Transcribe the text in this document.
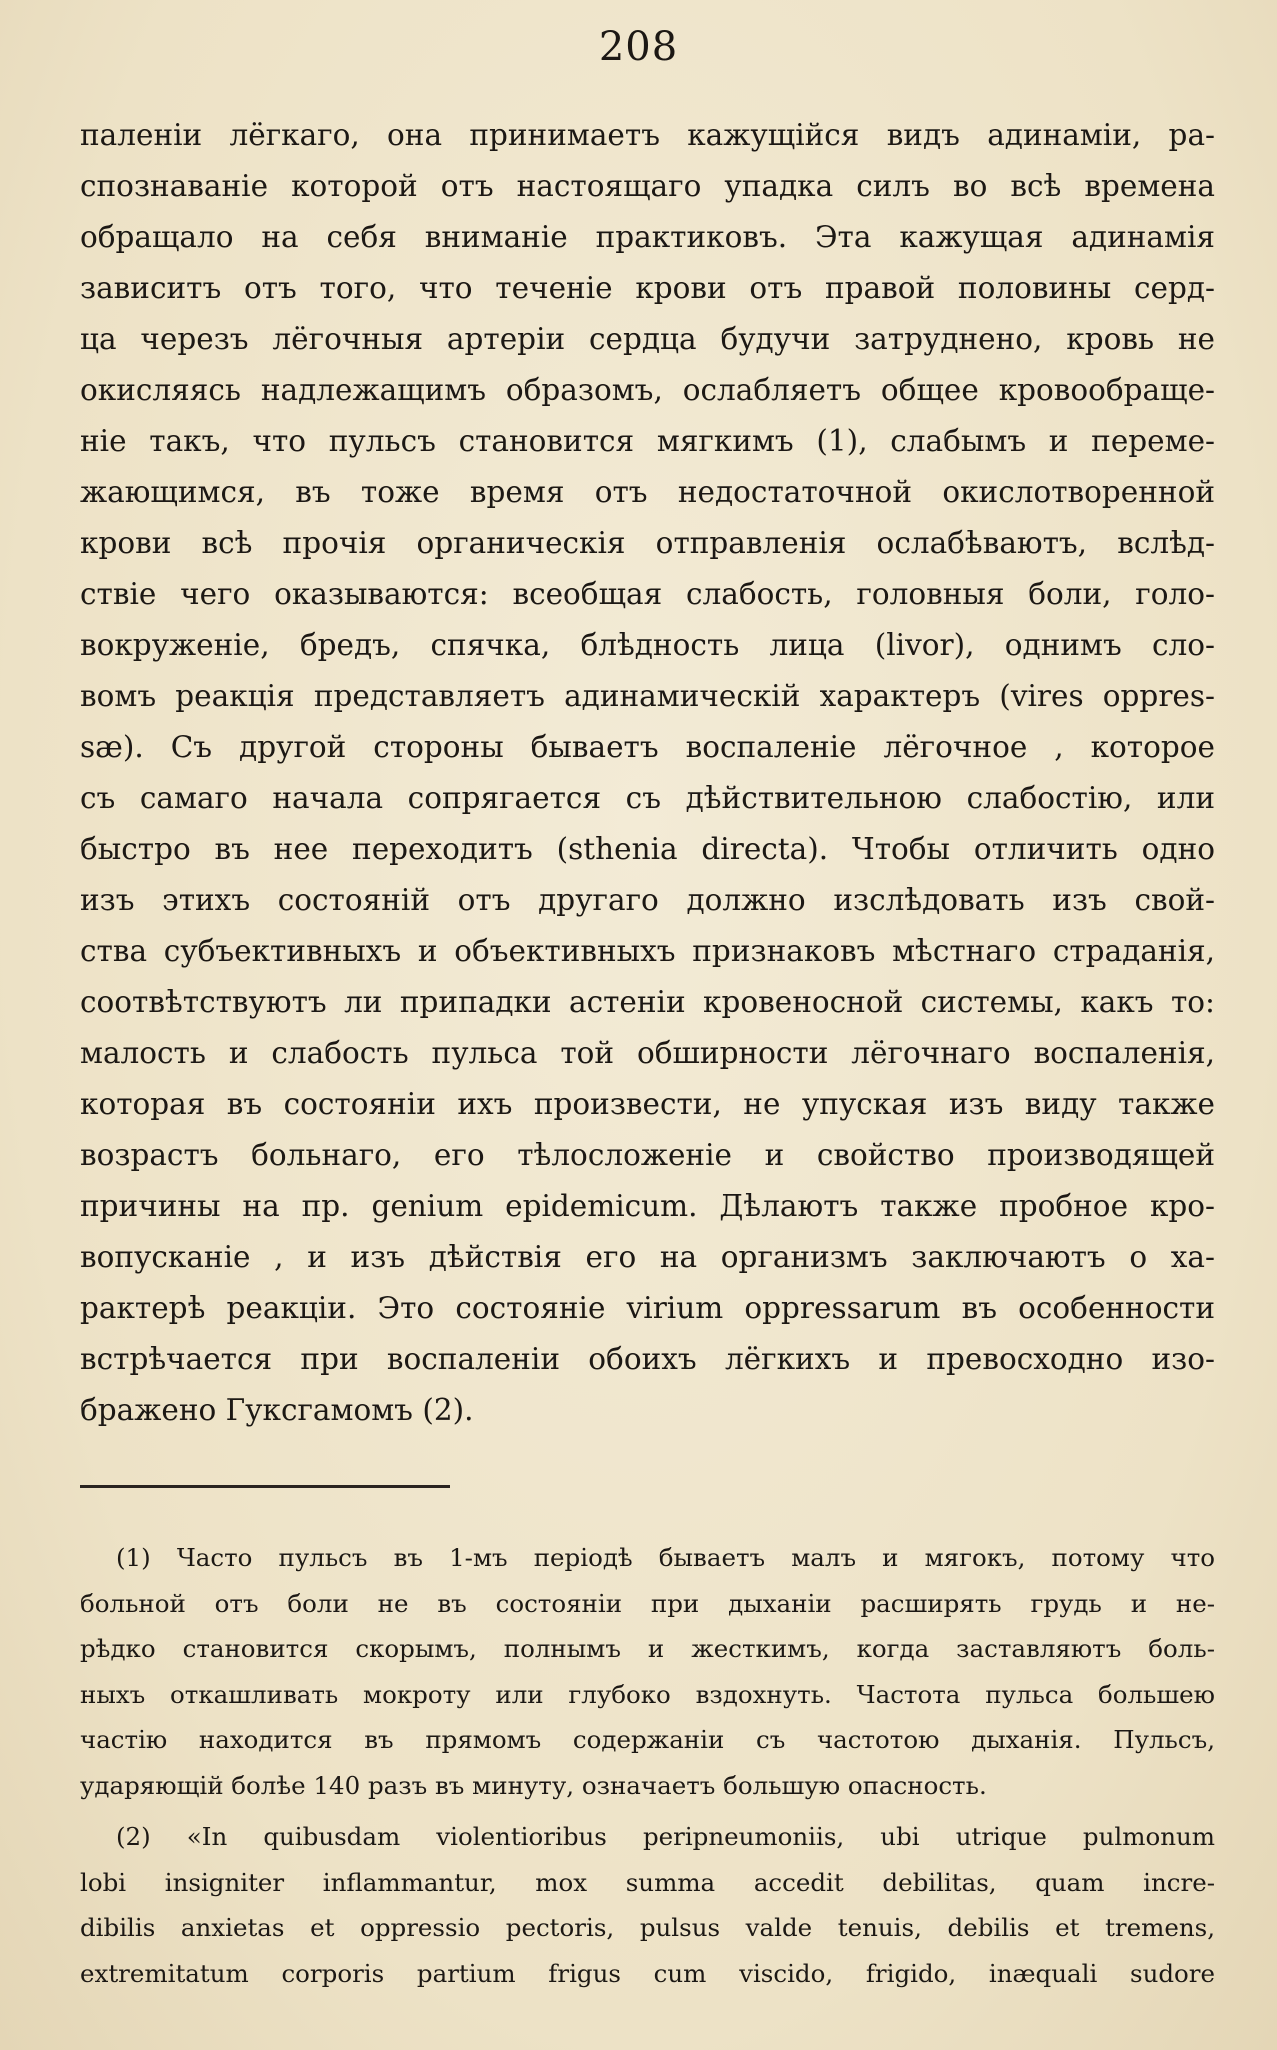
208
паленіи лёгкаго, она принимаетъ кажущійся видъ адинаміи, ра-
спознаваніе которой отъ настоящаго упадка силъ во всѣ времена
обращало на себя вниманіе практиковъ. Эта кажущая адинамія
зависитъ отъ того, что теченіе крови отъ правой половины серд-
ца черезъ лёгочныя артеріи сердца будучи затруднено, кровь не
окисляясь надлежащимъ образомъ, ослабляетъ общее кровообраще-
ніе такъ, что пульсъ становится мягкимъ (1), слабымъ и переме-
жающимся, въ тоже время отъ недостаточной окислотворенной
крови всѣ прочія органическія отправленія ослабѣваютъ, вслѣд-
ствіе чего оказываются: всеобщая слабость, головныя боли, голо-
вокруженіе, бредъ, спячка, блѣдность лица (livor), однимъ сло-
вомъ реакція представляетъ адинамическій характеръ (vires oppres-
sæ). Съ другой стороны бываетъ воспаленіе лёгочное , которое
съ самаго начала сопрягается съ дѣйствительною слабостію, или
быстро въ нее переходитъ (sthenia directa). Чтобы отличить одно
изъ этихъ состояній отъ другаго должно изслѣдовать изъ свой-
ства субъективныхъ и объективныхъ признаковъ мѣстнаго страданія,
соотвѣтствуютъ ли припадки астеніи кровеносной системы, какъ то:
малость и слабость пульса той обширности лёгочнаго воспаленія,
которая въ состояніи ихъ произвести, не упуская изъ виду также
возрастъ больнаго, его тѣлосложеніе и свойство производящей
причины на пр. genium epidemicum. Дѣлаютъ также пробное кро-
вопусканіе , и изъ дѣйствія его на организмъ заключаютъ о ха-
рактерѣ реакціи. Это состояніе virium oppressarum въ особенности
встрѣчается при воспаленіи обоихъ лёгкихъ и превосходно изо-
бражено Гуксгамомъ (2).
(1) Часто пульсъ въ 1-мъ періодѣ бываетъ малъ и мягокъ, потому что
больной отъ боли не въ состояніи при дыханіи расширять грудь и не-
рѣдко становится скорымъ, полнымъ и жесткимъ, когда заставляютъ боль-
ныхъ откашливать мокроту или глубоко вздохнуть. Частота пульса большею
частію находится въ прямомъ содержаніи съ частотою дыханія. Пульсъ,
ударяющій болѣе 140 разъ въ минуту, означаетъ большую опасность.
(2) «In quibusdam violentioribus peripneumoniis, ubi utrique pulmonum
lobi insigniter inflammantur, mox summa accedit debilitas, quam incre-
dibilis anxietas et oppressio pectoris, pulsus valde tenuis, debilis et tremens,
extremitatum corporis partium frigus cum viscido, frigido, inæquali sudore
